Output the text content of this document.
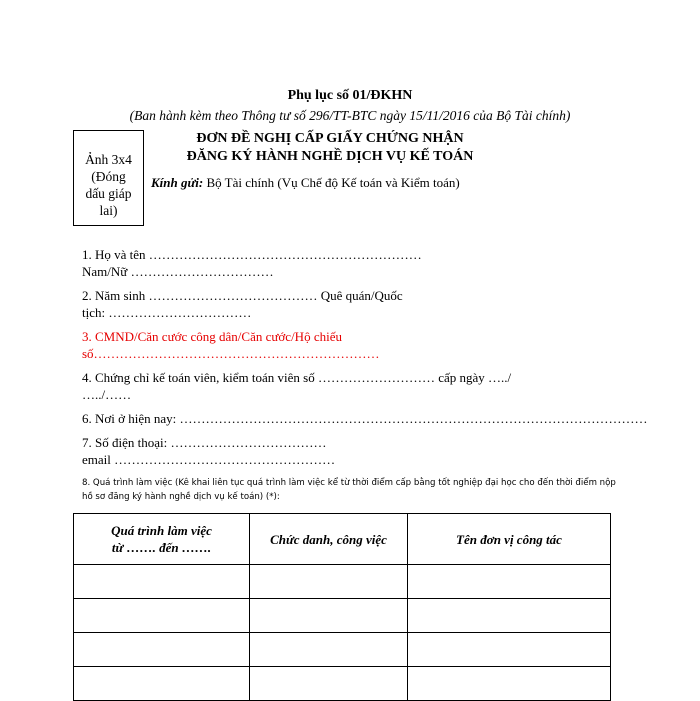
Phụ lục số 01/ĐKHN
(Ban hành kèm theo Thông tư số 296/TT-BTC ngày 15/11/2016 của Bộ Tài chính)
Ảnh 3x4
(Đóng
dấu giáp
lai)
ĐƠN ĐỀ NGHỊ CẤP GIẤY CHỨNG NHẬN
ĐĂNG KÝ HÀNH NGHỀ DỊCH VỤ KẾ TOÁN
Kính gửi: Bộ Tài chính (Vụ Chế độ Kế toán và Kiểm toán)
1. Họ và tên ………………………………………………………
Nam/Nữ ……………………………
2. Năm sinh ………………………………… Quê quán/Quốc
tịch: ……………………………
3. CMND/Căn cước công dân/Căn cước/Hộ chiếu
số…………………………………………………………
4. Chứng chỉ kế toán viên, kiểm toán viên số ……………………… cấp ngày …../
…../……
6. Nơi ở hiện nay: ………………………………………………………………………………………………
7. Số điện thoại: ………………………………
email ……………………………………………
8. Quá trình làm việc (Kê khai liên tục quá trình làm việc kể từ thời điểm cấp bằng tốt nghiệp đại học cho đến thời điểm nộp hồ sơ đăng ký hành nghề dịch vụ kế toán) (*):
Quá trình làm việc
từ ……. đến …….	Chức danh, công việc	Tên đơn vị công tác
